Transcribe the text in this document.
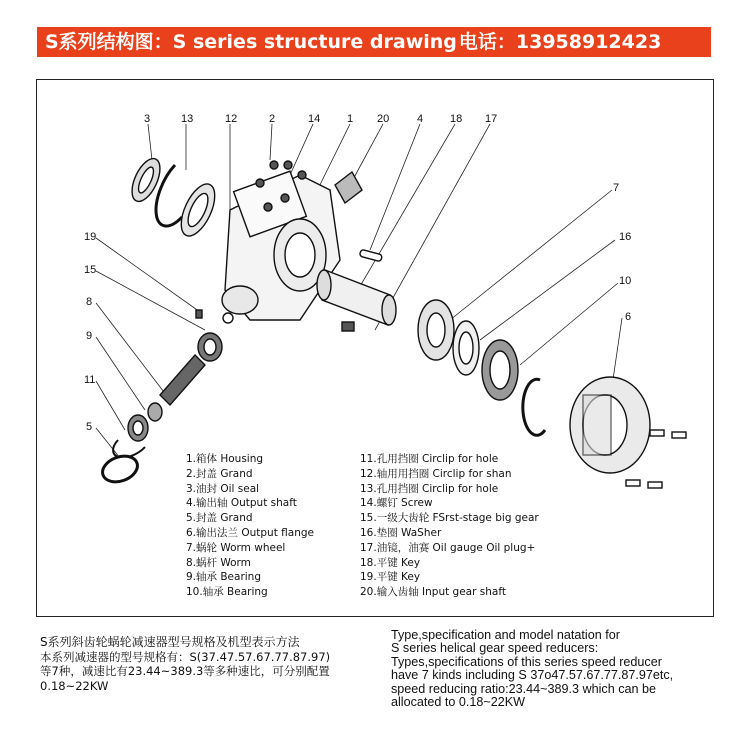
S系列结构图：S series structure drawing 电话：13958912423
3	13	12	2	14 1 20	4 18 17
7
16
10
6
19
15
8
9
11
5
1.箱体 Housing
2.封盖 Grand
3.油封 Oil seal
4.输出轴 Output shaft
5.封盖 Grand
6.输出法兰 Output flange
7.蜗轮 Worm wheel
8.蜗杆 Worm
9.轴承 Bearing
10.轴承 Bearing
11.孔用挡圈 Circlip for hole
12.轴用用挡圈 Circlip for shan
13.孔用挡圈 Circlip for hole
14.螺钉 Screw
15.一级大齿轮 FSrst-stage big gear
16.垫圈 WaSher
17.油镜，油赛 Oil gauge Oil plug+
18.平键 Key
19.平键 Key
20.输入齿轴 Input gear shaft
S系列斜齿轮蜗轮减速器型号规格及机型表示方法
本系列减速器的型号规格有：S(37.47.57.67.77.87.97)
等7种，减速比有23.44~389.3等多种速比，可分别配置
0.18~22KW
Type,specification and model natation for
S series helical gear speed reducers:
Types,specifications of this series speed reducer
have 7 kinds including S 37o47.57.67.77.87.97etc,
speed reducing ratio:23.44~389.3 which can be
allocated to 0.18~22KW
